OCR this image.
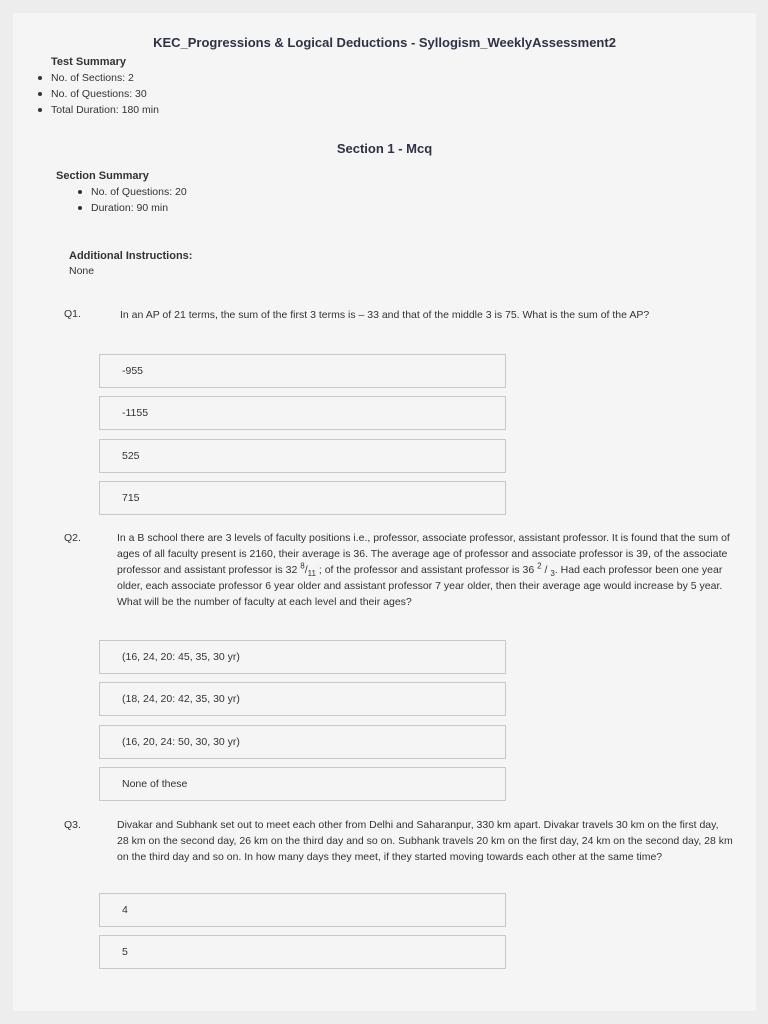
KEC_Progressions & Logical Deductions - Syllogism_WeeklyAssessment2
Test Summary
No. of Sections: 2
No. of Questions: 30
Total Duration: 180 min
Section 1 - Mcq
Section Summary
No. of Questions: 20
Duration: 90 min
Additional Instructions:
None
Q1.	In an AP of 21 terms, the sum of the first 3 terms is – 33 and that of the middle 3 is 75. What is the sum of the AP?
-955
-1155
525
715
Q2.	In a B school there are 3 levels of faculty positions i.e., professor, associate professor, assistant professor. It is found that the sum of ages of all faculty present is 2160, their average is 36. The average age of professor and associate professor is 39, of the associate professor and assistant professor is 32 $^8/_{11}$ ; of the professor and assistant professor is 36 $^2$ / $_3$. Had each professor been one year older, each associate professor 6 year older and assistant professor 7 year older, then their average age would increase by 5 year. What will be the number of faculty at each level and their ages?
(16, 24, 20: 45, 35, 30 yr)
(18, 24, 20: 42, 35, 30 yr)
(16, 20, 24: 50, 30, 30 yr)
None of these
Q3.	Divakar and Subhank set out to meet each other from Delhi and Saharanpur, 330 km apart. Divakar travels 30 km on the first day, 28 km on the second day, 26 km on the third day and so on. Subhank travels 20 km on the first day, 24 km on the second day, 28 km on the third day and so on. In how many days they meet, if they started moving towards each other at the same time?
4
5
